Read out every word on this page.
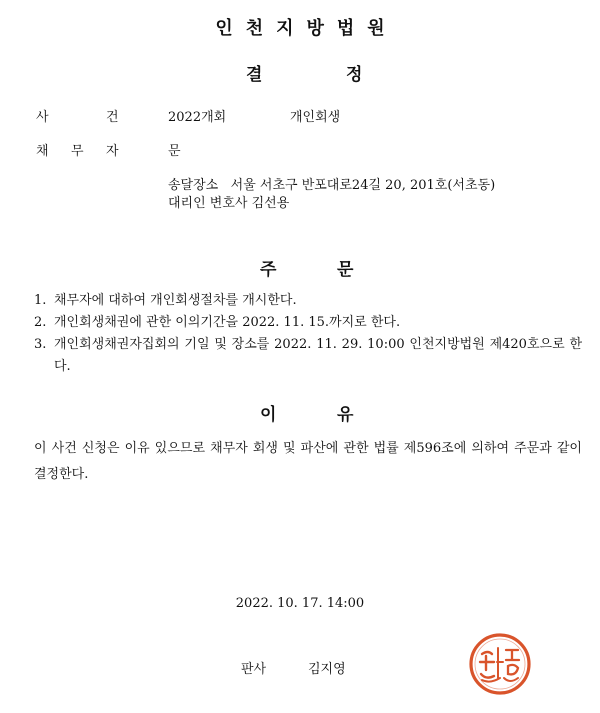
인천지방법원
결	정
사	건	2022개회	개인회생
채 무 자	문
송달장소 서울 서초구 반포대로24길 20, 201호(서초동)
대리인 변호사 김선용
주	문
1. 채무자에 대하여 개인회생절차를 개시한다.
2. 개인회생채권에 관한 이의기간을 2022. 11. 15.까지로 한다.
3. 개인회생채권자집회의 기일 및 장소를 2022. 11. 29. 10:00 인천지방법원 제420호으로 한다.
이	유
이 사건 신청은 이유 있으므로 채무자 회생 및 파산에 관한 법률 제596조에 의하여 주문과 같이 결정한다.
2022. 10. 17. 14:00
판사	김지영
